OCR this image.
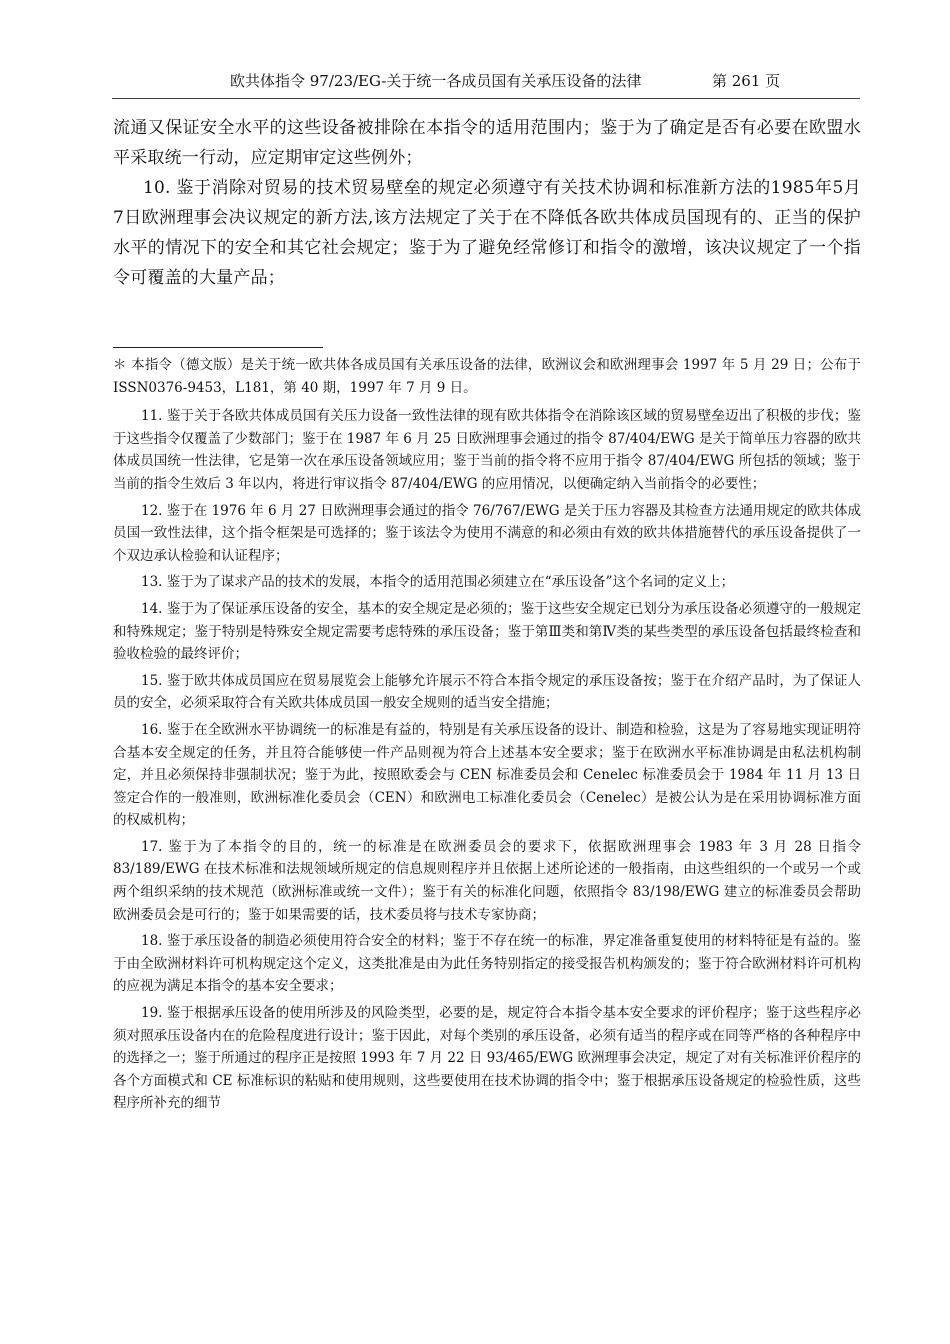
欧共体指令 97/23/EG-关于统一各成员国有关承压设备的法律	第 261 页

流通又保证安全水平的这些设备被排除在本指令的适用范围内；鉴于为了确定是否有必要在欧盟水平采取统一行动，应定期审定这些例外；

10. 鉴于消除对贸易的技术贸易壁垒的规定必须遵守有关技术协调和标准新方法的1985年5月7日欧洲理事会决议规定的新方法,该方法规定了关于在不降低各欧共体成员国现有的、正当的保护水平的情况下的安全和其它社会规定；鉴于为了避免经常修订和指令的激增，该决议规定了一个指令可覆盖的大量产品；

＊ 本指令（德文版）是关于统一欧共体各成员国有关承压设备的法律，欧洲议会和欧洲理事会 1997 年 5 月 29 日；公布于 ISSN0376-9453，L181，第 40 期，1997 年 7 月 9 日。

11. 鉴于关于各欧共体成员国有关压力设备一致性法律的现有欧共体指令在消除该区域的贸易壁垒迈出了积极的步伐；鉴于这些指令仅覆盖了少数部门；鉴于在 1987 年 6 月 25 日欧洲理事会通过的指令 87/404/EWG 是关于简单压力容器的欧共体成员国统一性法律，它是第一次在承压设备领域应用；鉴于当前的指令将不应用于指令 87/404/EWG 所包括的领域；鉴于当前的指令生效后 3 年以内，将进行审议指令 87/404/EWG 的应用情况，以便确定纳入当前指令的必要性；

12. 鉴于在 1976 年 6 月 27 日欧洲理事会通过的指令 76/767/EWG 是关于压力容器及其检查方法通用规定的欧共体成员国一致性法律，这个指令框架是可选择的；鉴于该法令为使用不满意的和必须由有效的欧共体措施替代的承压设备提供了一个双边承认检验和认证程序；

13. 鉴于为了谋求产品的技术的发展，本指令的适用范围必须建立在“承压设备”这个名词的定义上；

14. 鉴于为了保证承压设备的安全，基本的安全规定是必须的；鉴于这些安全规定已划分为承压设备必须遵守的一般规定和特殊规定；鉴于特别是特殊安全规定需要考虑特殊的承压设备；鉴于第Ⅲ类和第Ⅳ类的某些类型的承压设备包括最终检查和验收检验的最终评价；

15. 鉴于欧共体成员国应在贸易展览会上能够允许展示不符合本指令规定的承压设备按；鉴于在介绍产品时，为了保证人员的安全，必须采取符合有关欧共体成员国一般安全规则的适当安全措施；

16. 鉴于在全欧洲水平协调统一的标准是有益的，特别是有关承压设备的设计、制造和检验，这是为了容易地实现证明符合基本安全规定的任务，并且符合能够使一件产品则视为符合上述基本安全要求；鉴于在欧洲水平标准协调是由私法机构制定，并且必须保持非强制状况；鉴于为此，按照欧委会与 CEN 标准委员会和 Cenelec 标准委员会于 1984 年 11 月 13 日签定合作的一般准则，欧洲标准化委员会（CEN）和欧洲电工标准化委员会（Cenelec）是被公认为是在采用协调标准方面的权威机构；

17. 鉴于为了本指令的目的，统一的标准是在欧洲委员会的要求下，依据欧洲理事会 1983 年 3 月 28 日指令 83/189/EWG 在技术标准和法规领域所规定的信息规则程序并且依据上述所论述的一般指南，由这些组织的一个或另一个或两个组织采纳的技术规范（欧洲标准或统一文件）；鉴于有关的标准化问题，依照指令 83/198/EWG 建立的标准委员会帮助欧洲委员会是可行的；鉴于如果需要的话，技术委员将与技术专家协商；

18. 鉴于承压设备的制造必须使用符合安全的材料；鉴于不存在统一的标准，界定准备重复使用的材料特征是有益的。鉴于由全欧洲材料许可机构规定这个定义，这类批准是由为此任务特别指定的接受报告机构颁发的；鉴于符合欧洲材料许可机构的应视为满足本指令的基本安全要求；

19. 鉴于根据承压设备的使用所涉及的风险类型，必要的是，规定符合本指令基本安全要求的评价程序；鉴于这些程序必须对照承压设备内在的危险程度进行设计；鉴于因此，对每个类别的承压设备，必须有适当的程序或在同等严格的各种程序中的选择之一；鉴于所通过的程序正是按照 1993 年 7 月 22 日 93/465/EWG 欧洲理事会决定，规定了对有关标准评价程序的各个方面模式和 CE 标准标识的粘贴和使用规则，这些要使用在技术协调的指令中；鉴于根据承压设备规定的检验性质，这些程序所补充的细节
